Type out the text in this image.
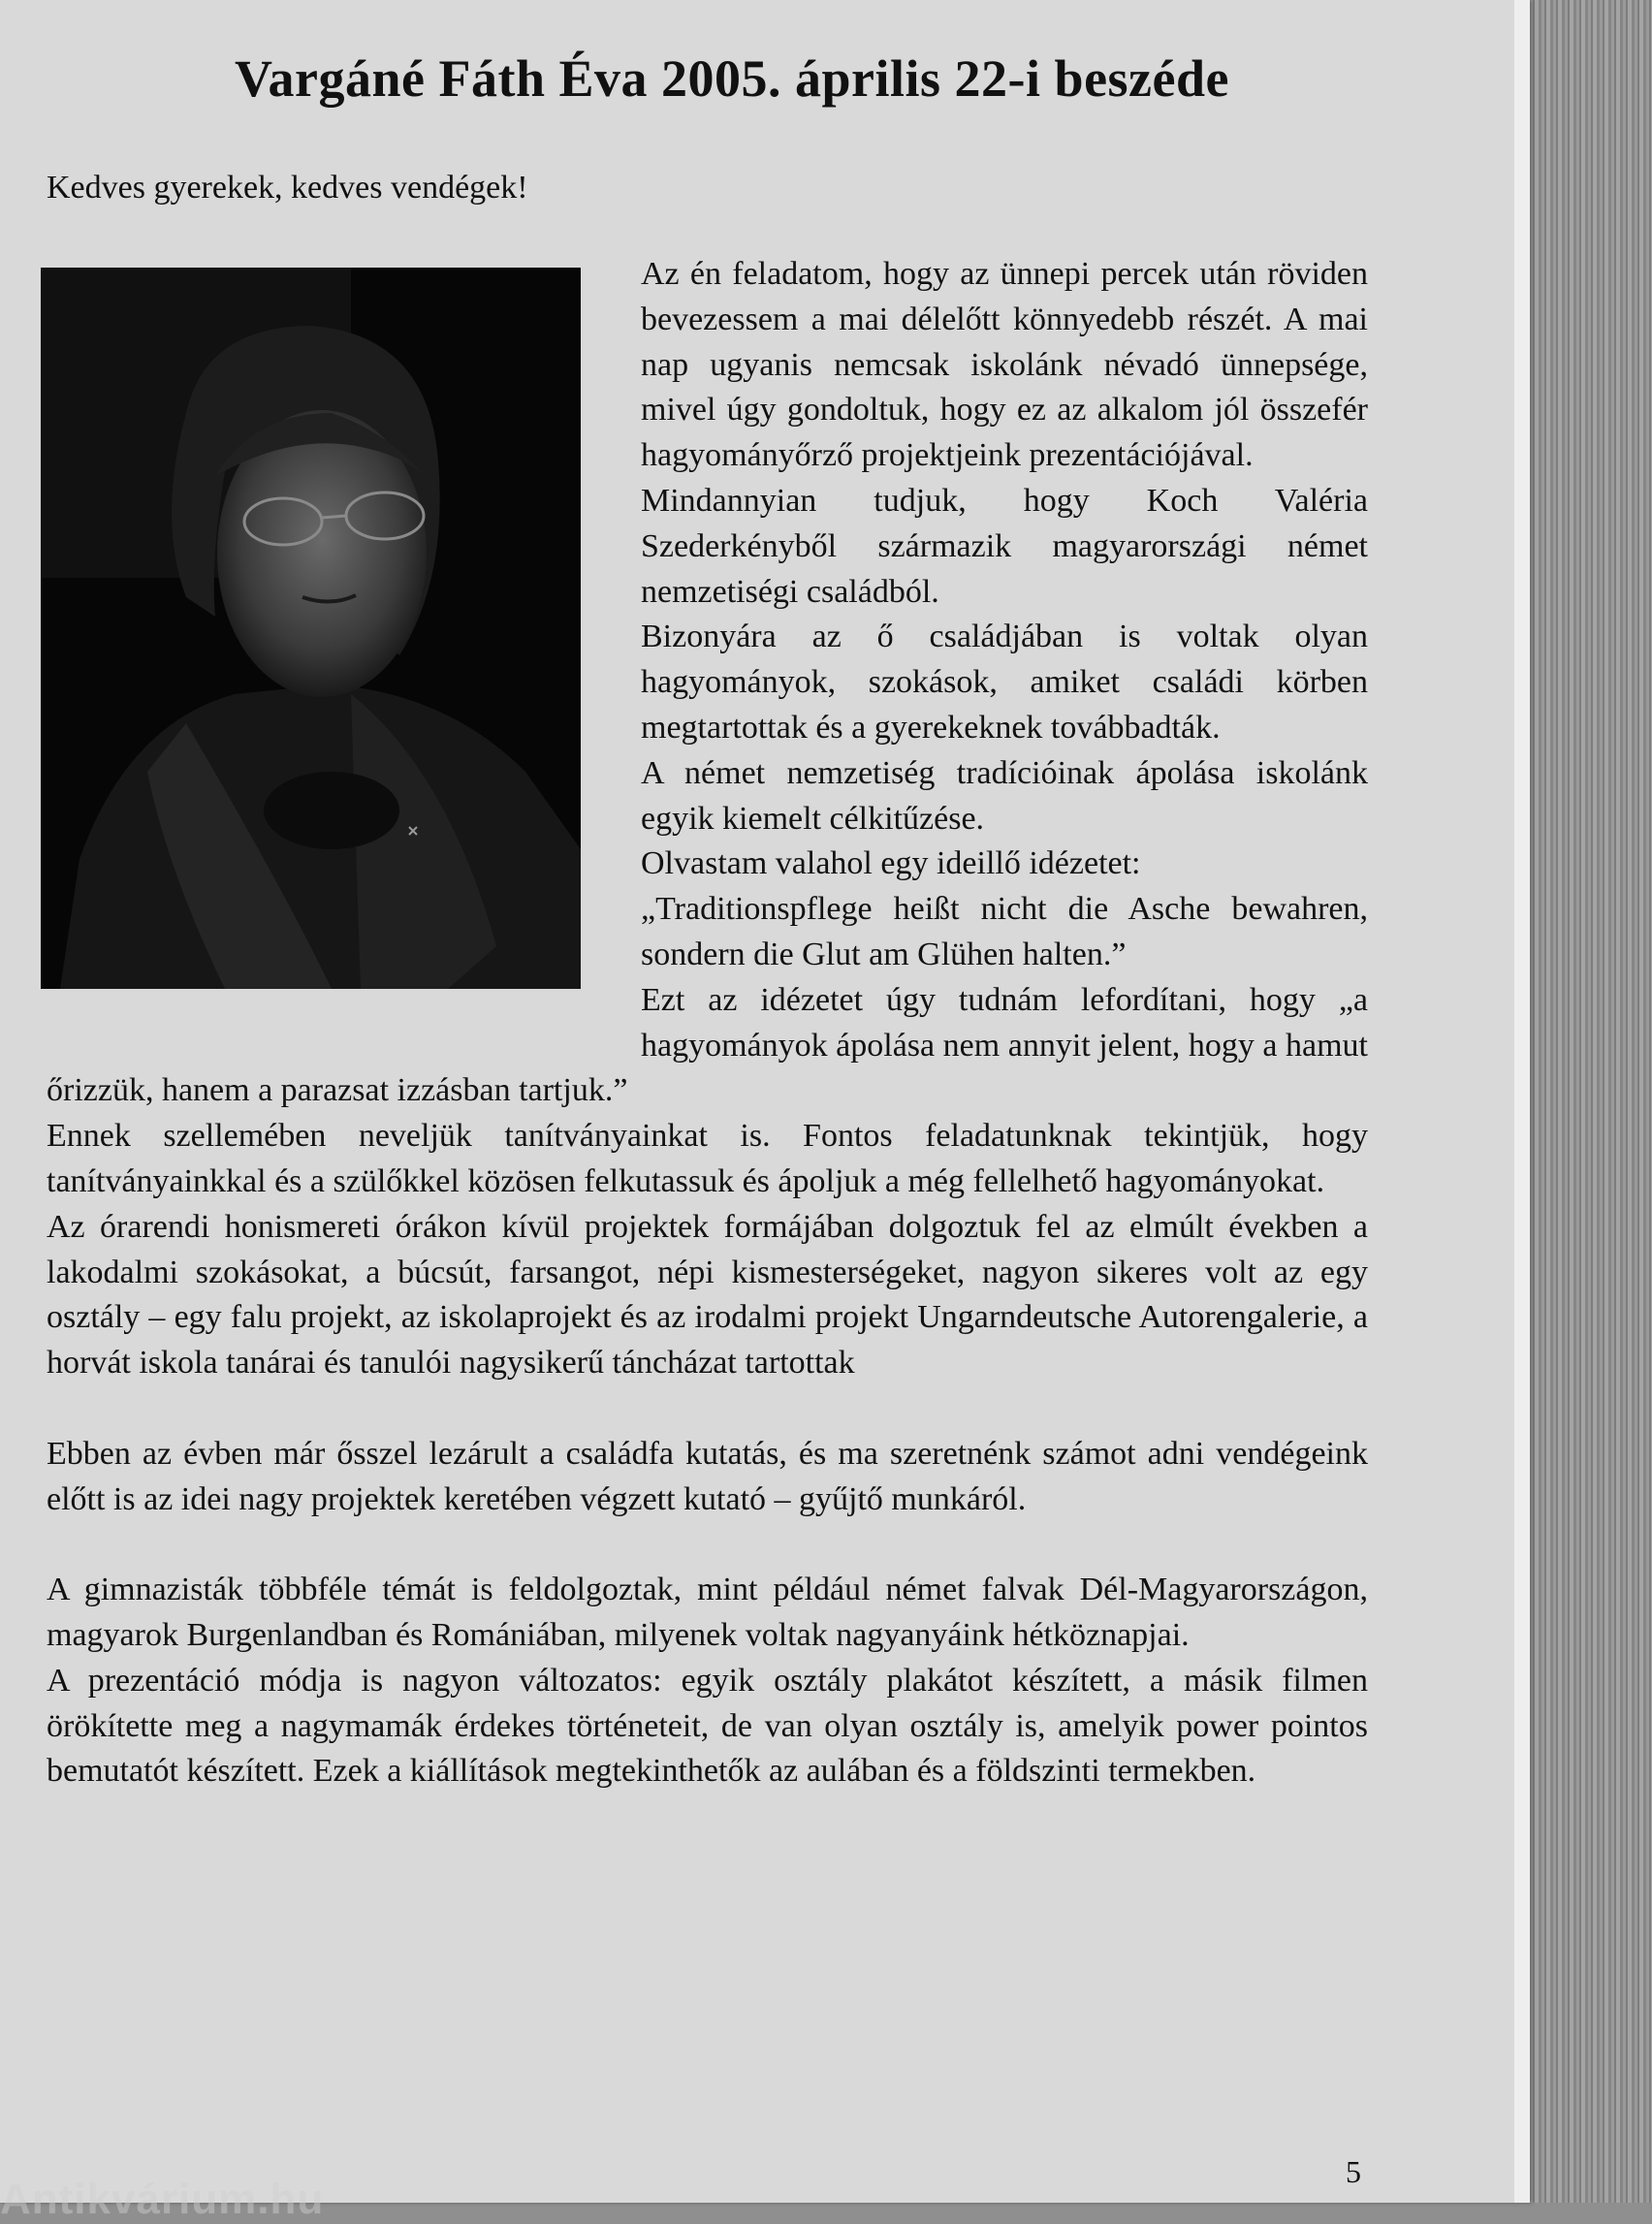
Vargáné Fáth Éva 2005. április 22-i beszéde

Kedves gyerekek, kedves vendégek!

Az én feladatom, hogy az ünnepi percek után röviden bevezessem a mai délelőtt könnyedebb részét. A mai nap ugyanis nemcsak iskolánk névadó ünnepsége, mivel úgy gondoltuk, hogy ez az alkalom jól összefér hagyományőrző projektjeink prezentációjával.

Mindannyian tudjuk, hogy Koch Valéria Szederkényből származik magyarországi német nemzetiségi családból.

Bizonyára az ő családjában is voltak olyan hagyományok, szokások, amiket családi körben megtartottak és a gyerekeknek továbbadták.

A német nemzetiség tradícióinak ápolása iskolánk egyik kiemelt célkitűzése.

Olvastam valahol egy ideillő idézetet:

„Traditionspflege heißt nicht die Asche bewahren, sondern die Glut am Glühen halten.”

Ezt az idézetet úgy tudnám lefordítani, hogy „a hagyományok ápolása nem annyit jelent, hogy a hamut őrizzük, hanem a parazsat izzásban tartjuk.”

Ennek szellemében neveljük tanítványainkat is. Fontos feladatunknak tekintjük, hogy tanítványainkkal és a szülőkkel közösen felkutassuk és ápoljuk a még fellelhető hagyományokat.

Az órarendi honismereti órákon kívül projektek formájában dolgoztuk fel az elmúlt években a lakodalmi szokásokat, a búcsút, farsangot, népi kismesterségeket, nagyon sikeres volt az egy osztály – egy falu projekt, az iskolaprojekt és az irodalmi projekt Ungarndeutsche Autorengalerie, a horvát iskola tanárai és tanulói nagysikerű táncházat tartottak

Ebben az évben már ősszel lezárult a családfa kutatás, és ma szeretnénk számot adni vendégeink előtt is az idei nagy projektek keretében végzett kutató – gyűjtő munkáról.

A gimnazisták többféle témát is feldolgoztak, mint például német falvak Dél-Magyarországon, magyarok Burgenlandban és Romániában, milyenek voltak nagyanyáink hétköznapjai.

A prezentáció módja is nagyon változatos: egyik osztály plakátot készített, a másik filmen örökítette meg a nagymamák érdekes történeteit, de van olyan osztály is, amelyik power pointos bemutatót készített. Ezek a kiállítások megtekinthetők az aulában és a földszinti termekben.

5
Antikvárium.hu
